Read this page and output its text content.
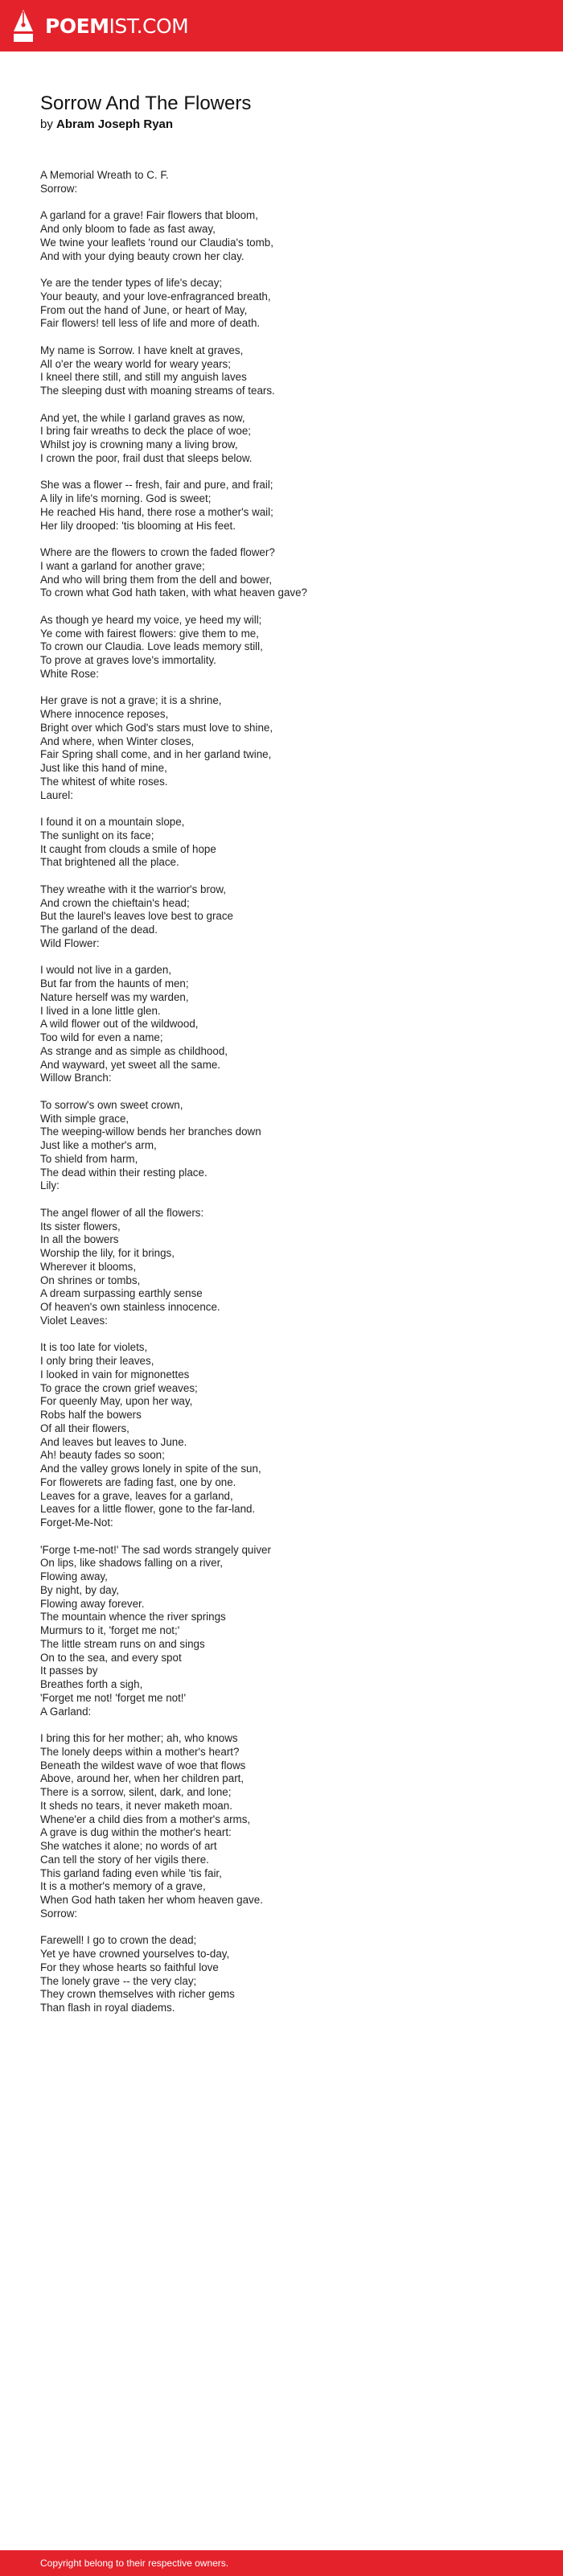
POEMIST.COM
Sorrow And The Flowers
by Abram Joseph Ryan
A Memorial Wreath to C. F.
Sorrow:
A garland for a grave! Fair flowers that bloom,
And only bloom to fade as fast away,
We twine your leaflets 'round our Claudia's tomb,
And with your dying beauty crown her clay.
Ye are the tender types of life's decay;
Your beauty, and your love-enfragranced breath,
From out the hand of June, or heart of May,
Fair flowers! tell less of life and more of death.
My name is Sorrow. I have knelt at graves,
All o'er the weary world for weary years;
I kneel there still, and still my anguish laves
The sleeping dust with moaning streams of tears.
And yet, the while I garland graves as now,
I bring fair wreaths to deck the place of woe;
Whilst joy is crowning many a living brow,
I crown the poor, frail dust that sleeps below.
She was a flower -- fresh, fair and pure, and frail;
A lily in life's morning. God is sweet;
He reached His hand, there rose a mother's wail;
Her lily drooped: 'tis blooming at His feet.
Where are the flowers to crown the faded flower?
I want a garland for another grave;
And who will bring them from the dell and bower,
To crown what God hath taken, with what heaven gave?
As though ye heard my voice, ye heed my will;
Ye come with fairest flowers: give them to me,
To crown our Claudia. Love leads memory still,
To prove at graves love's immortality.
White Rose:
Her grave is not a grave; it is a shrine,
Where innocence reposes,
Bright over which God's stars must love to shine,
And where, when Winter closes,
Fair Spring shall come, and in her garland twine,
Just like this hand of mine,
The whitest of white roses.
Laurel:
I found it on a mountain slope,
The sunlight on its face;
It caught from clouds a smile of hope
That brightened all the place.
They wreathe with it the warrior's brow,
And crown the chieftain's head;
But the laurel's leaves love best to grace
The garland of the dead.
Wild Flower:
I would not live in a garden,
But far from the haunts of men;
Nature herself was my warden,
I lived in a lone little glen.
A wild flower out of the wildwood,
Too wild for even a name;
As strange and as simple as childhood,
And wayward, yet sweet all the same.
Willow Branch:
To sorrow's own sweet crown,
With simple grace,
The weeping-willow bends her branches down
Just like a mother's arm,
To shield from harm,
The dead within their resting place.
Lily:
The angel flower of all the flowers:
Its sister flowers,
In all the bowers
Worship the lily, for it brings,
Wherever it blooms,
On shrines or tombs,
A dream surpassing earthly sense
Of heaven's own stainless innocence.
Violet Leaves:
It is too late for violets,
I only bring their leaves,
I looked in vain for mignonettes
To grace the crown grief weaves;
For queenly May, upon her way,
Robs half the bowers
Of all their flowers,
And leaves but leaves to June.
Ah! beauty fades so soon;
And the valley grows lonely in spite of the sun,
For flowerets are fading fast, one by one.
Leaves for a grave, leaves for a garland,
Leaves for a little flower, gone to the far-land.
Forget-Me-Not:
'Forge t-me-not!' The sad words strangely quiver
On lips, like shadows falling on a river,
Flowing away,
By night, by day,
Flowing away forever.
The mountain whence the river springs
Murmurs to it, 'forget me not;'
The little stream runs on and sings
On to the sea, and every spot
It passes by
Breathes forth a sigh,
'Forget me not! 'forget me not!'
A Garland:
I bring this for her mother; ah, who knows
The lonely deeps within a mother's heart?
Beneath the wildest wave of woe that flows
Above, around her, when her children part,
There is a sorrow, silent, dark, and lone;
It sheds no tears, it never maketh moan.
Whene'er a child dies from a mother's arms,
A grave is dug within the mother's heart:
She watches it alone; no words of art
Can tell the story of her vigils there.
This garland fading even while 'tis fair,
It is a mother's memory of a grave,
When God hath taken her whom heaven gave.
Sorrow:
Farewell! I go to crown the dead;
Yet ye have crowned yourselves to-day,
For they whose hearts so faithful love
The lonely grave -- the very clay;
They crown themselves with richer gems
Than flash in royal diadems.
Copyright belong to their respective owners.
